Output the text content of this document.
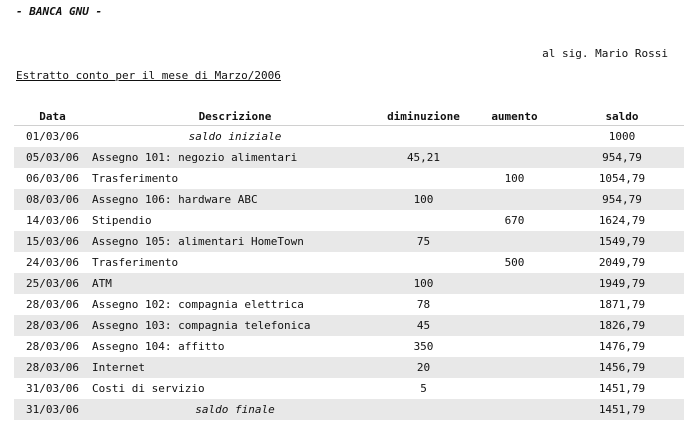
- BANCA GNU -
al sig. Mario Rossi
Estratto conto per il mese di Marzo/2006
Data	Descrizione	diminuzione	aumento	saldo
01/03/06	saldo iniziale			1000
05/03/06	Assegno 101: negozio alimentari	45,21		954,79
06/03/06	Trasferimento		100	1054,79
08/03/06	Assegno 106: hardware ABC	100		954,79
14/03/06	Stipendio		670	1624,79
15/03/06	Assegno 105: alimentari HomeTown	75		1549,79
24/03/06	Trasferimento		500	2049,79
25/03/06	ATM	100		1949,79
28/03/06	Assegno 102: compagnia elettrica	78		1871,79
28/03/06	Assegno 103: compagnia telefonica	45		1826,79
28/03/06	Assegno 104: affitto	350		1476,79
28/03/06	Internet	20		1456,79
31/03/06	Costi di servizio	5		1451,79
31/03/06	saldo finale			1451,79
